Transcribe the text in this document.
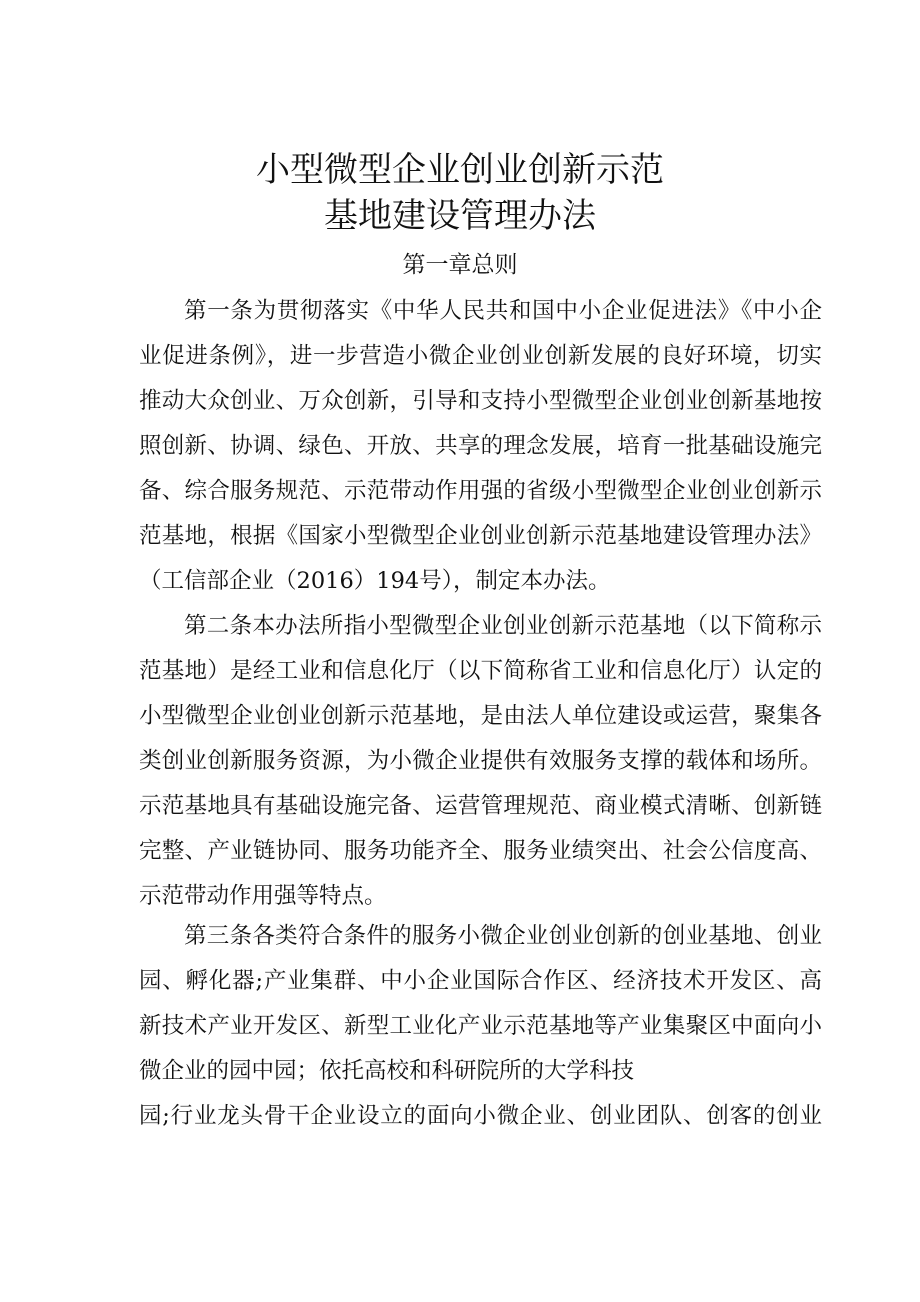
小型微型企业创业创新示范
基地建设管理办法
第一章总则
第一条为贯彻落实《中华人民共和国中小企业促进法》《中小企
业促进条例》，进一步营造小微企业创业创新发展的良好环境，切实
推动大众创业、万众创新，引导和支持小型微型企业创业创新基地按
照创新、协调、绿色、开放、共享的理念发展，培育一批基础设施完
备、综合服务规范、示范带动作用强的省级小型微型企业创业创新示
范基地，根据《国家小型微型企业创业创新示范基地建设管理办法》
（工信部企业（2016）194号），制定本办法。
第二条本办法所指小型微型企业创业创新示范基地（以下简称示
范基地）是经工业和信息化厅（以下简称省工业和信息化厅）认定的
小型微型企业创业创新示范基地，是由法人单位建设或运营，聚集各
类创业创新服务资源，为小微企业提供有效服务支撑的载体和场所。
示范基地具有基础设施完备、运营管理规范、商业模式清晰、创新链
完整、产业链协同、服务功能齐全、服务业绩突出、社会公信度高、
示范带动作用强等特点。
第三条各类符合条件的服务小微企业创业创新的创业基地、创业
园、孵化器;产业集群、中小企业国际合作区、经济技术开发区、高
新技术产业开发区、新型工业化产业示范基地等产业集聚区中面向小
微企业的园中园；依托高校和科研院所的大学科技
园;行业龙头骨干企业设立的面向小微企业、创业团队、创客的创业
